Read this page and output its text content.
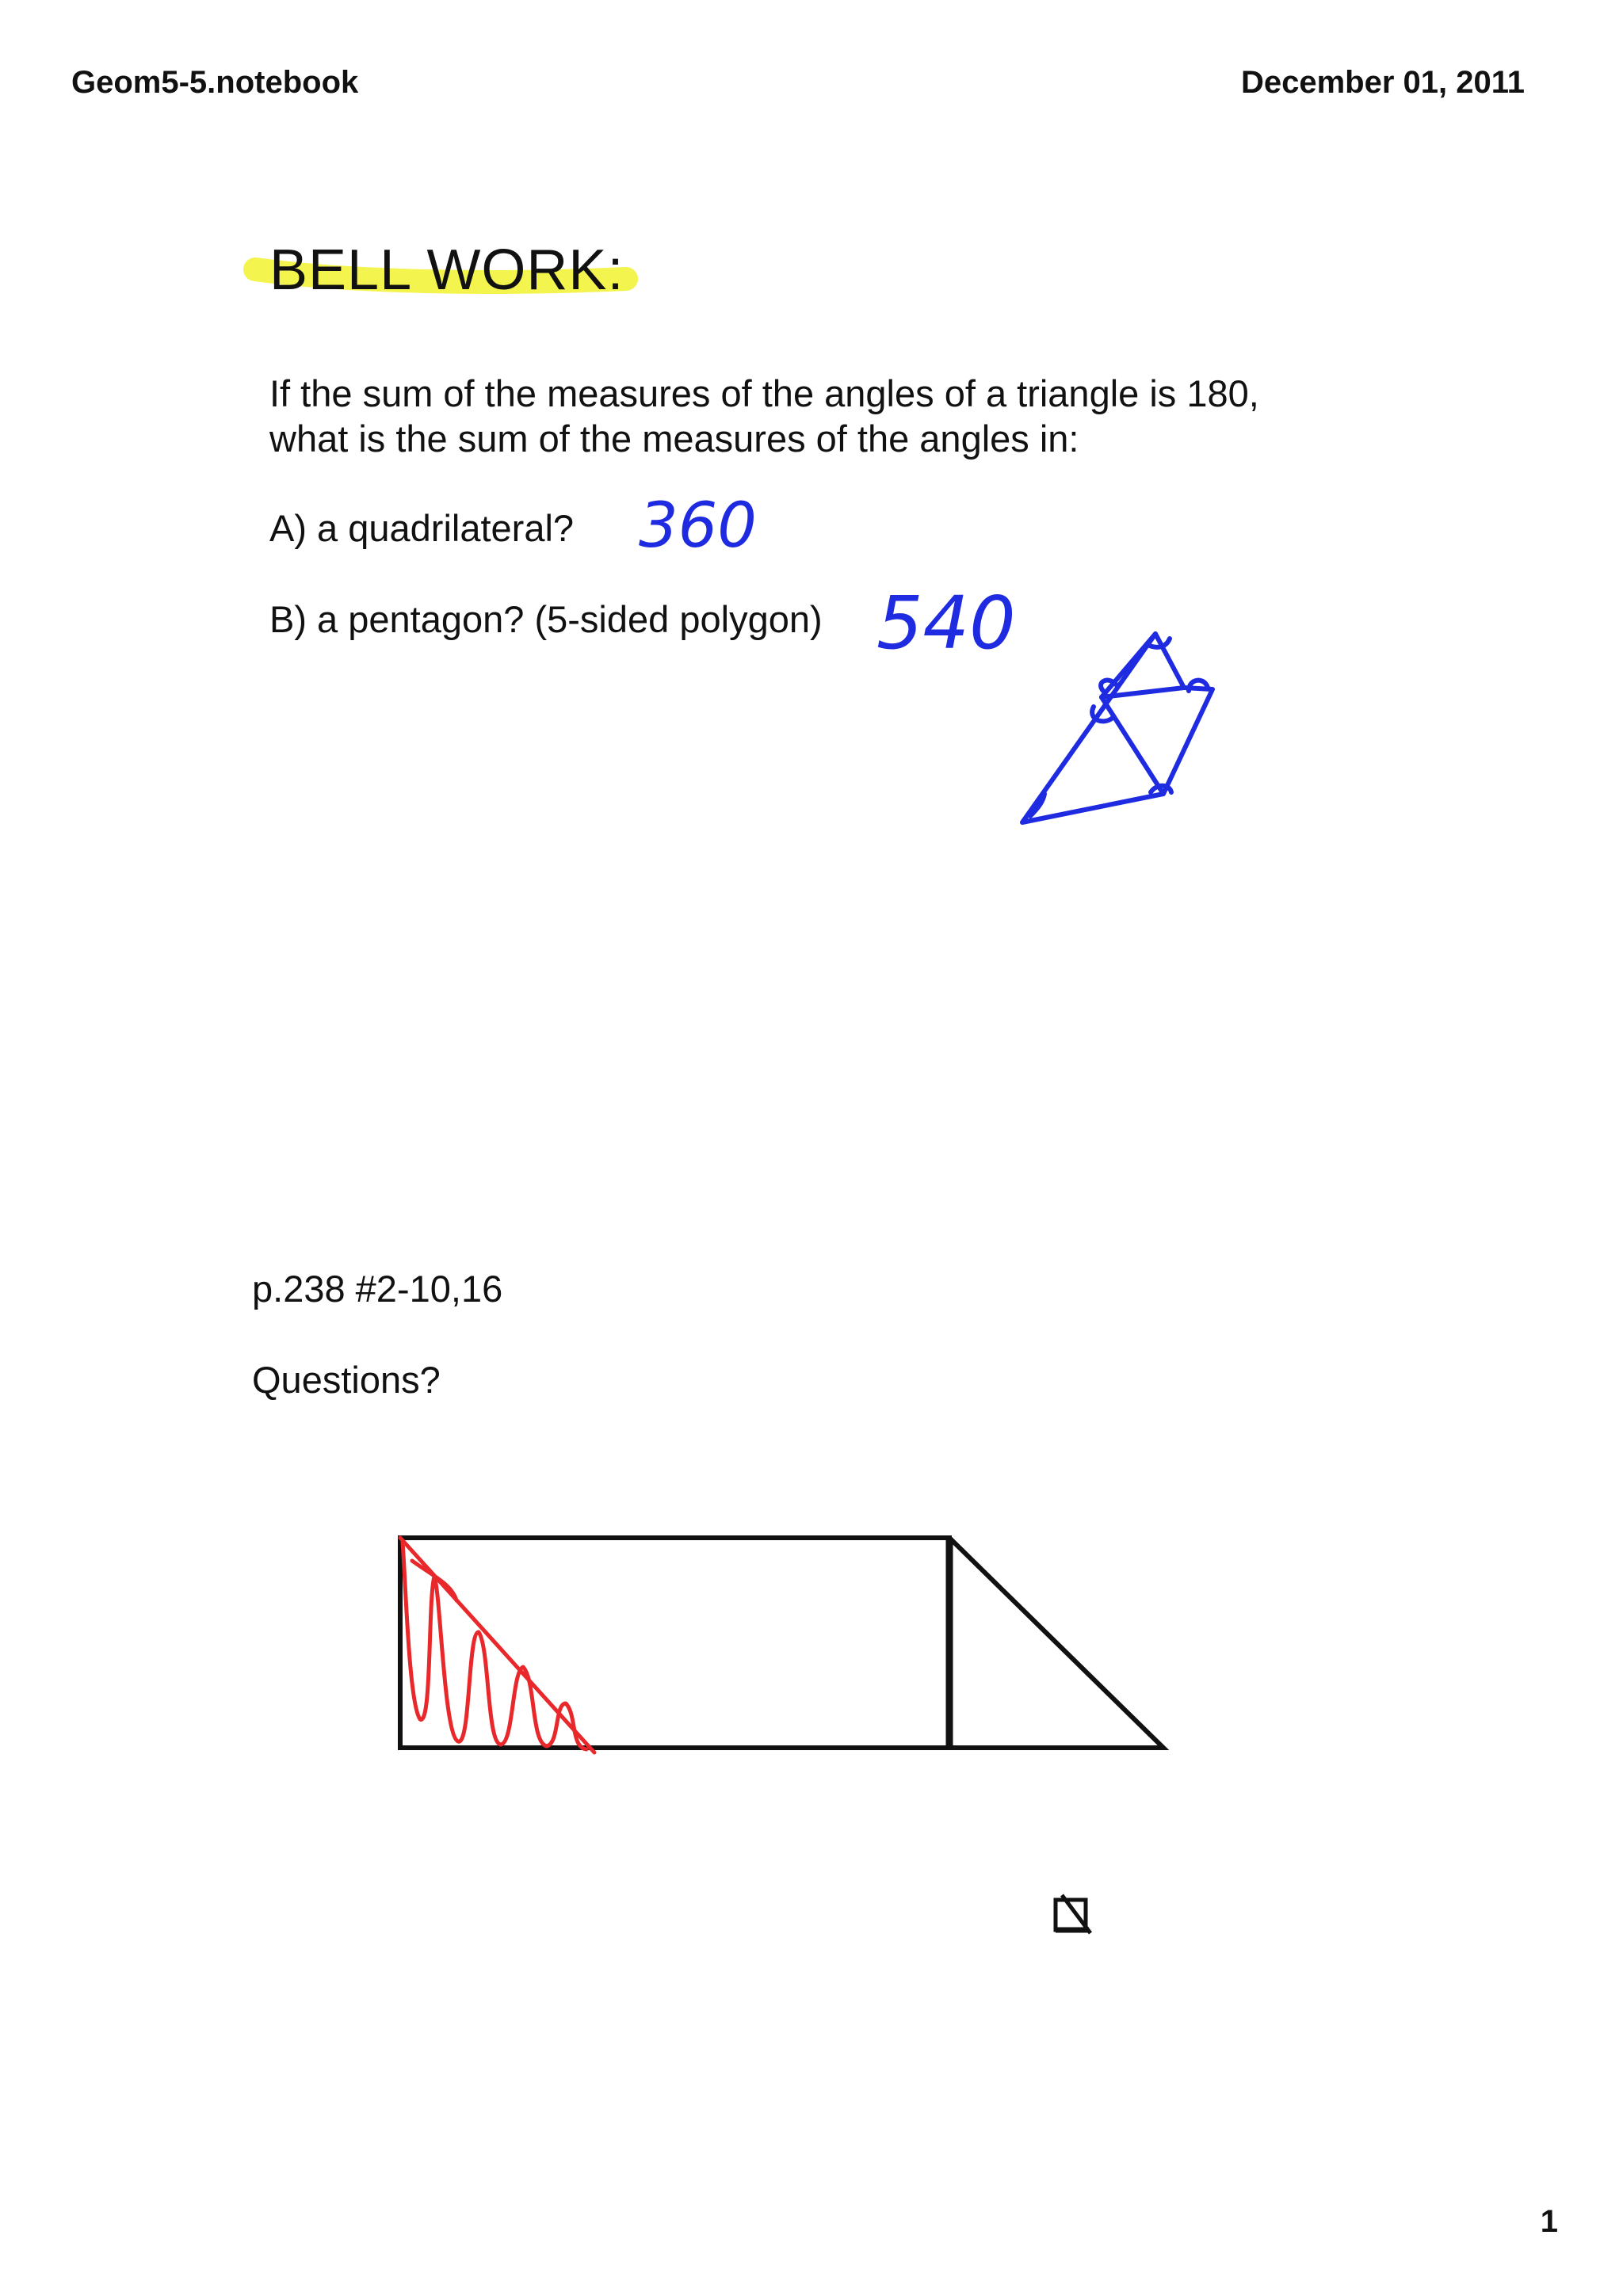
Geom5-5.notebook	December 01, 2011
BELL WORK:
If the sum of the measures of the angles of a triangle is 180,
what is the sum of the measures of the angles in:
A) a quadrilateral?
B) a pentagon? (5-sided polygon)
360
540
p.238 #2-10,16
Questions?
1
